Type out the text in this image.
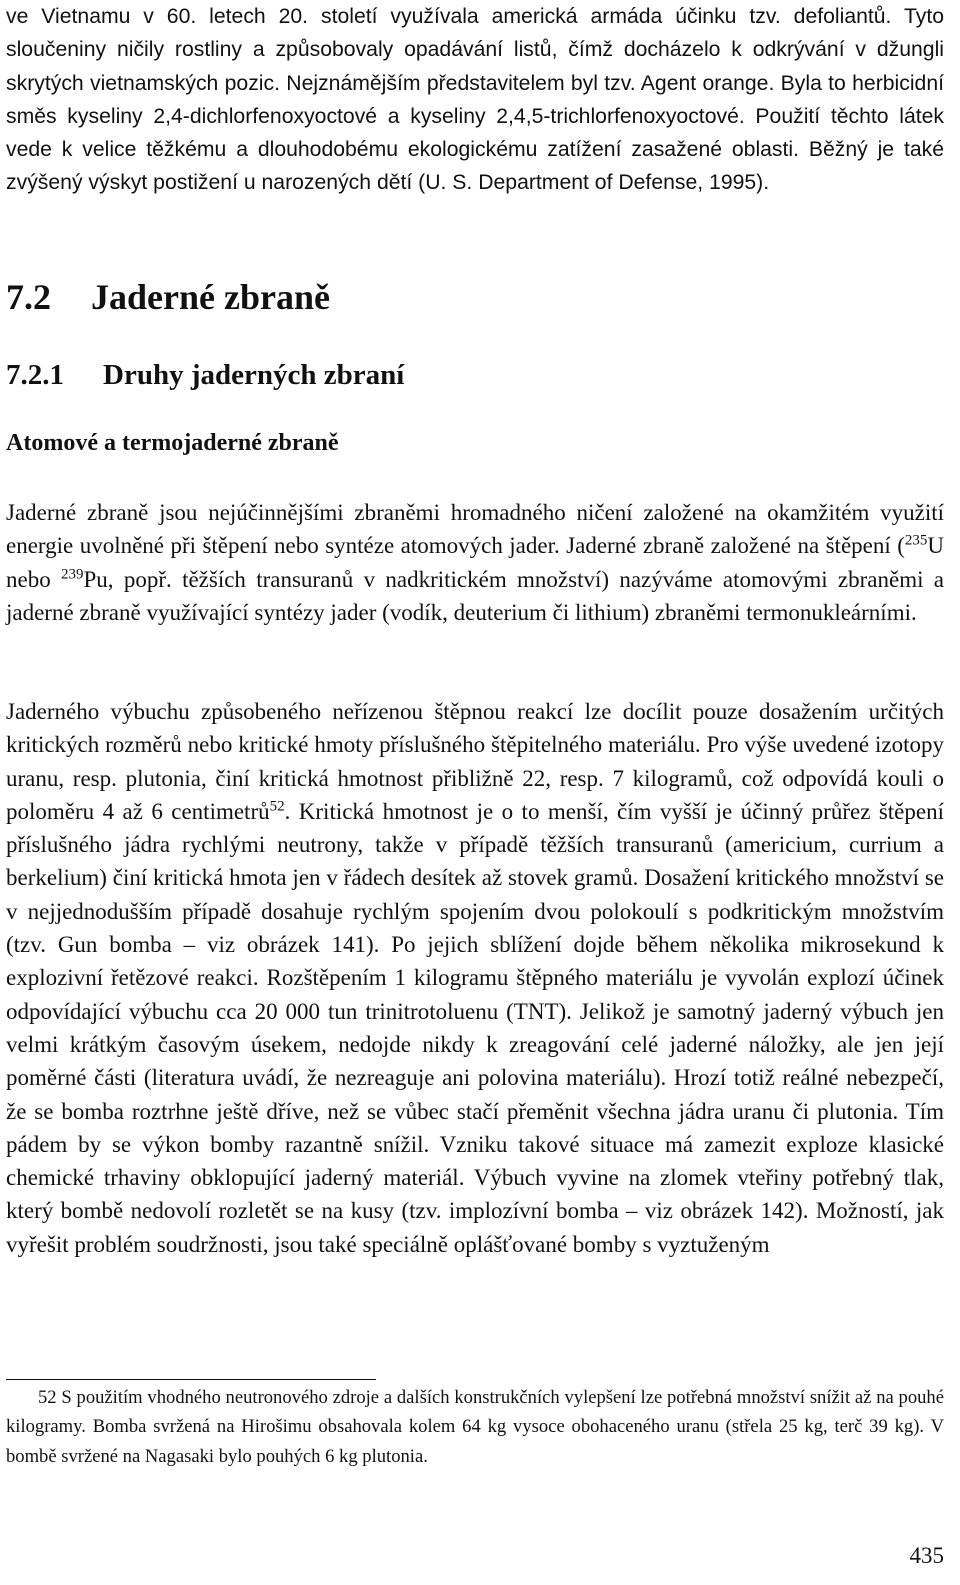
ve Vietnamu v 60. letech 20. století využívala americká armáda účinku tzv. defoliantů. Tyto sloučeniny ničily rostliny a způsobovaly opadávání listů, čímž docházelo k odkrývání v džungli skrytých vietnamských pozic. Nejznámějším představitelem byl tzv. Agent orange. Byla to herbicidní směs kyseliny 2,4-dichlorfenoxyoctové a kyseliny 2,4,5-trichlorfenoxyoctové. Použití těchto látek vede k velice těžkému a dlouhodobému ekologickému zatížení zasažené oblasti. Běžný je také zvýšený výskyt postižení u narozených dětí (U. S. Department of Defense, 1995).

7.2 Jaderné zbraně
7.2.1 Druhy jaderných zbraní
Atomové a termojaderné zbraně

Jaderné zbraně jsou nejúčinnějšími zbraněmi hromadného ničení založené na okamžitém využití energie uvolněné při štěpení nebo syntéze atomových jader. Jaderné zbraně založené na štěpení ($^{235}$U nebo $^{239}$Pu, popř. těžších transuranů v nadkritickém množství) nazýváme atomovými zbraněmi a jaderné zbraně využívající syntézy jader (vodík, deuterium či lithium) zbraněmi termonukleárními.

Jaderného výbuchu způsobeného neřízenou štěpnou reakcí lze docílit pouze dosažením určitých kritických rozměrů nebo kritické hmoty příslušného štěpitelného materiálu. Pro výše uvedené izotopy uranu, resp. plutonia, činí kritická hmotnost přibližně 22, resp. 7 kilogramů, což odpovídá kouli o poloměru 4 až 6 centimetrů$^{52}$. Kritická hmotnost je o to menší, čím vyšší je účinný průřez štěpení příslušného jádra rychlými neutrony, takže v případě těžších transuranů (americium, currium a berkelium) činí kritická hmota jen v řádech desítek až stovek gramů. Dosažení kritického množství se v nejjednodušším případě dosahuje rychlým spojením dvou polokoulí s podkritickým množstvím (tzv. Gun bomba – viz obrázek 141). Po jejich sblížení dojde během několika mikrosekund k explozivní řetězové reakci. Rozštěpením 1 kilogramu štěpného materiálu je vyvolán explozí účinek odpovídající výbuchu cca 20 000 tun trinitrotoluenu (TNT). Jelikož je samotný jaderný výbuch jen velmi krátkým časovým úsekem, nedojde nikdy k zreagování celé jaderné náložky, ale jen její poměrné části (literatura uvádí, že nezreaguje ani polovina materiálu). Hrozí totiž reálné nebezpečí, že se bomba roztrhne ještě dříve, než se vůbec stačí přeměnit všechna jádra uranu či plutonia. Tím pádem by se výkon bomby razantně snížil. Vzniku takové situace má zamezit exploze klasické chemické trhaviny obklopující jaderný materiál. Výbuch vyvine na zlomek vteřiny potřebný tlak, který bombě nedovolí rozletět se na kusy (tzv. implozívní bomba – viz obrázek 142). Možností, jak vyřešit problém soudržnosti, jsou také speciálně oplášťované bomby s vyztuženým

52 S použitím vhodného neutronového zdroje a dalších konstrukčních vylepšení lze potřebná množství snížit až na pouhé kilogramy. Bomba svržená na Hirošimu obsahovala kolem 64 kg vysoce obohaceného uranu (střela 25 kg, terč 39 kg). V bombě svržené na Nagasaki bylo pouhých 6 kg plutonia.

435
